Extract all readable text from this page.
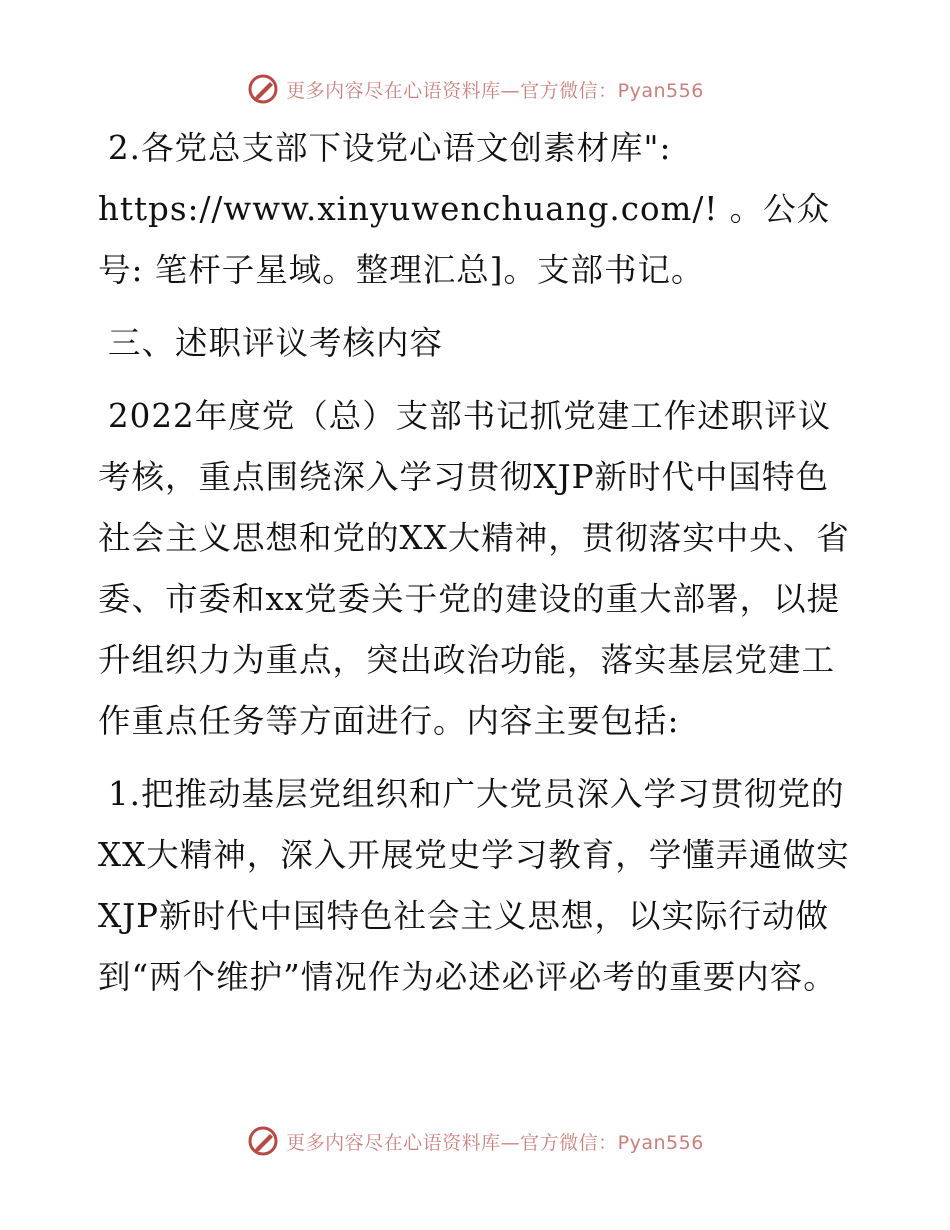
更多内容尽在心语资料库—官方微信：Pyan556

2.各党总支部下设党心语文创素材库":

https://www.xinyuwenchuang.com/! 。公众号: 笔杆子星域。整理汇总]。支部书记。

三、述职评议考核内容

2022年度党（总）支部书记抓党建工作述职评议考核，重点围绕深入学习贯彻XJP新时代中国特色社会主义思想和党的XX大精神，贯彻落实中央、省委、市委和xx党委关于党的建设的重大部署，以提升组织力为重点，突出政治功能，落实基层党建工作重点任务等方面进行。内容主要包括:

1.把推动基层党组织和广大党员深入学习贯彻党的XX大精神，深入开展党史学习教育，学懂弄通做实XJP新时代中国特色社会主义思想，以实际行动做到“两个维护”情况作为必述必评必考的重要内容。

更多内容尽在心语资料库—官方微信：Pyan556
